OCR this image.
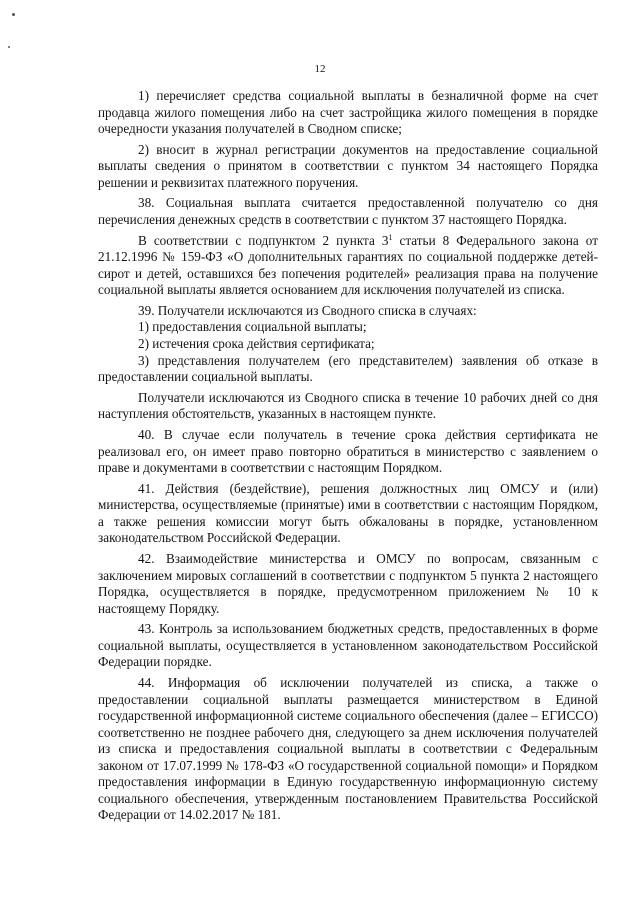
12

1) перечисляет средства социальной выплаты в безналичной форме на счет продавца жилого помещения либо на счет застройщика жилого помещения в порядке очередности указания получателей в Сводном списке;

2) вносит в журнал регистрации документов на предоставление социальной выплаты сведения о принятом в соответствии с пунктом 34 настоящего Порядка решении и реквизитах платежного поручения.

38. Социальная выплата считается предоставленной получателю со дня перечисления денежных средств в соответствии с пунктом 37 настоящего Порядка.

В соответствии с подпунктом 2 пункта $3^1$ статьи 8 Федерального закона от 21.12.1996 № 159-ФЗ «О дополнительных гарантиях по социальной поддержке детей-сирот и детей, оставшихся без попечения родителей» реализация права на получение социальной выплаты является основанием для исключения получателей из списка.

39. Получатели исключаются из Сводного списка в случаях:

1) предоставления социальной выплаты;

2) истечения срока действия сертификата;

3) представления получателем (его представителем) заявления об отказе в предоставлении социальной выплаты.

Получатели исключаются из Сводного списка в течение 10 рабочих дней со дня наступления обстоятельств, указанных в настоящем пункте.

40. В случае если получатель в течение срока действия сертификата не реализовал его, он имеет право повторно обратиться в министерство с заявлением о праве и документами в соответствии с настоящим Порядком.

41. Действия (бездействие), решения должностных лиц ОМСУ и (или) министерства, осуществляемые (принятые) ими в соответствии с настоящим Порядком, а также решения комиссии могут быть обжалованы в порядке, установленном законодательством Российской Федерации.

42. Взаимодействие министерства и ОМСУ по вопросам, связанным с заключением мировых соглашений в соответствии с подпунктом 5 пункта 2 настоящего Порядка, осуществляется в порядке, предусмотренном приложением № 10 к настоящему Порядку.

43. Контроль за использованием бюджетных средств, предоставленных в форме социальной выплаты, осуществляется в установленном законодательством Российской Федерации порядке.

44. Информация об исключении получателей из списка, а также о предоставлении социальной выплаты размещается министерством в Единой государственной информационной системе социального обеспечения (далее – ЕГИССО) соответственно не позднее рабочего дня, следующего за днем исключения получателей из списка и предоставления социальной выплаты в соответствии с Федеральным законом от 17.07.1999 № 178-ФЗ «О государственной социальной помощи» и Порядком предоставления информации в Единую государственную информационную систему социального обеспечения, утвержденным постановлением Правительства Российской Федерации от 14.02.2017 № 181.
